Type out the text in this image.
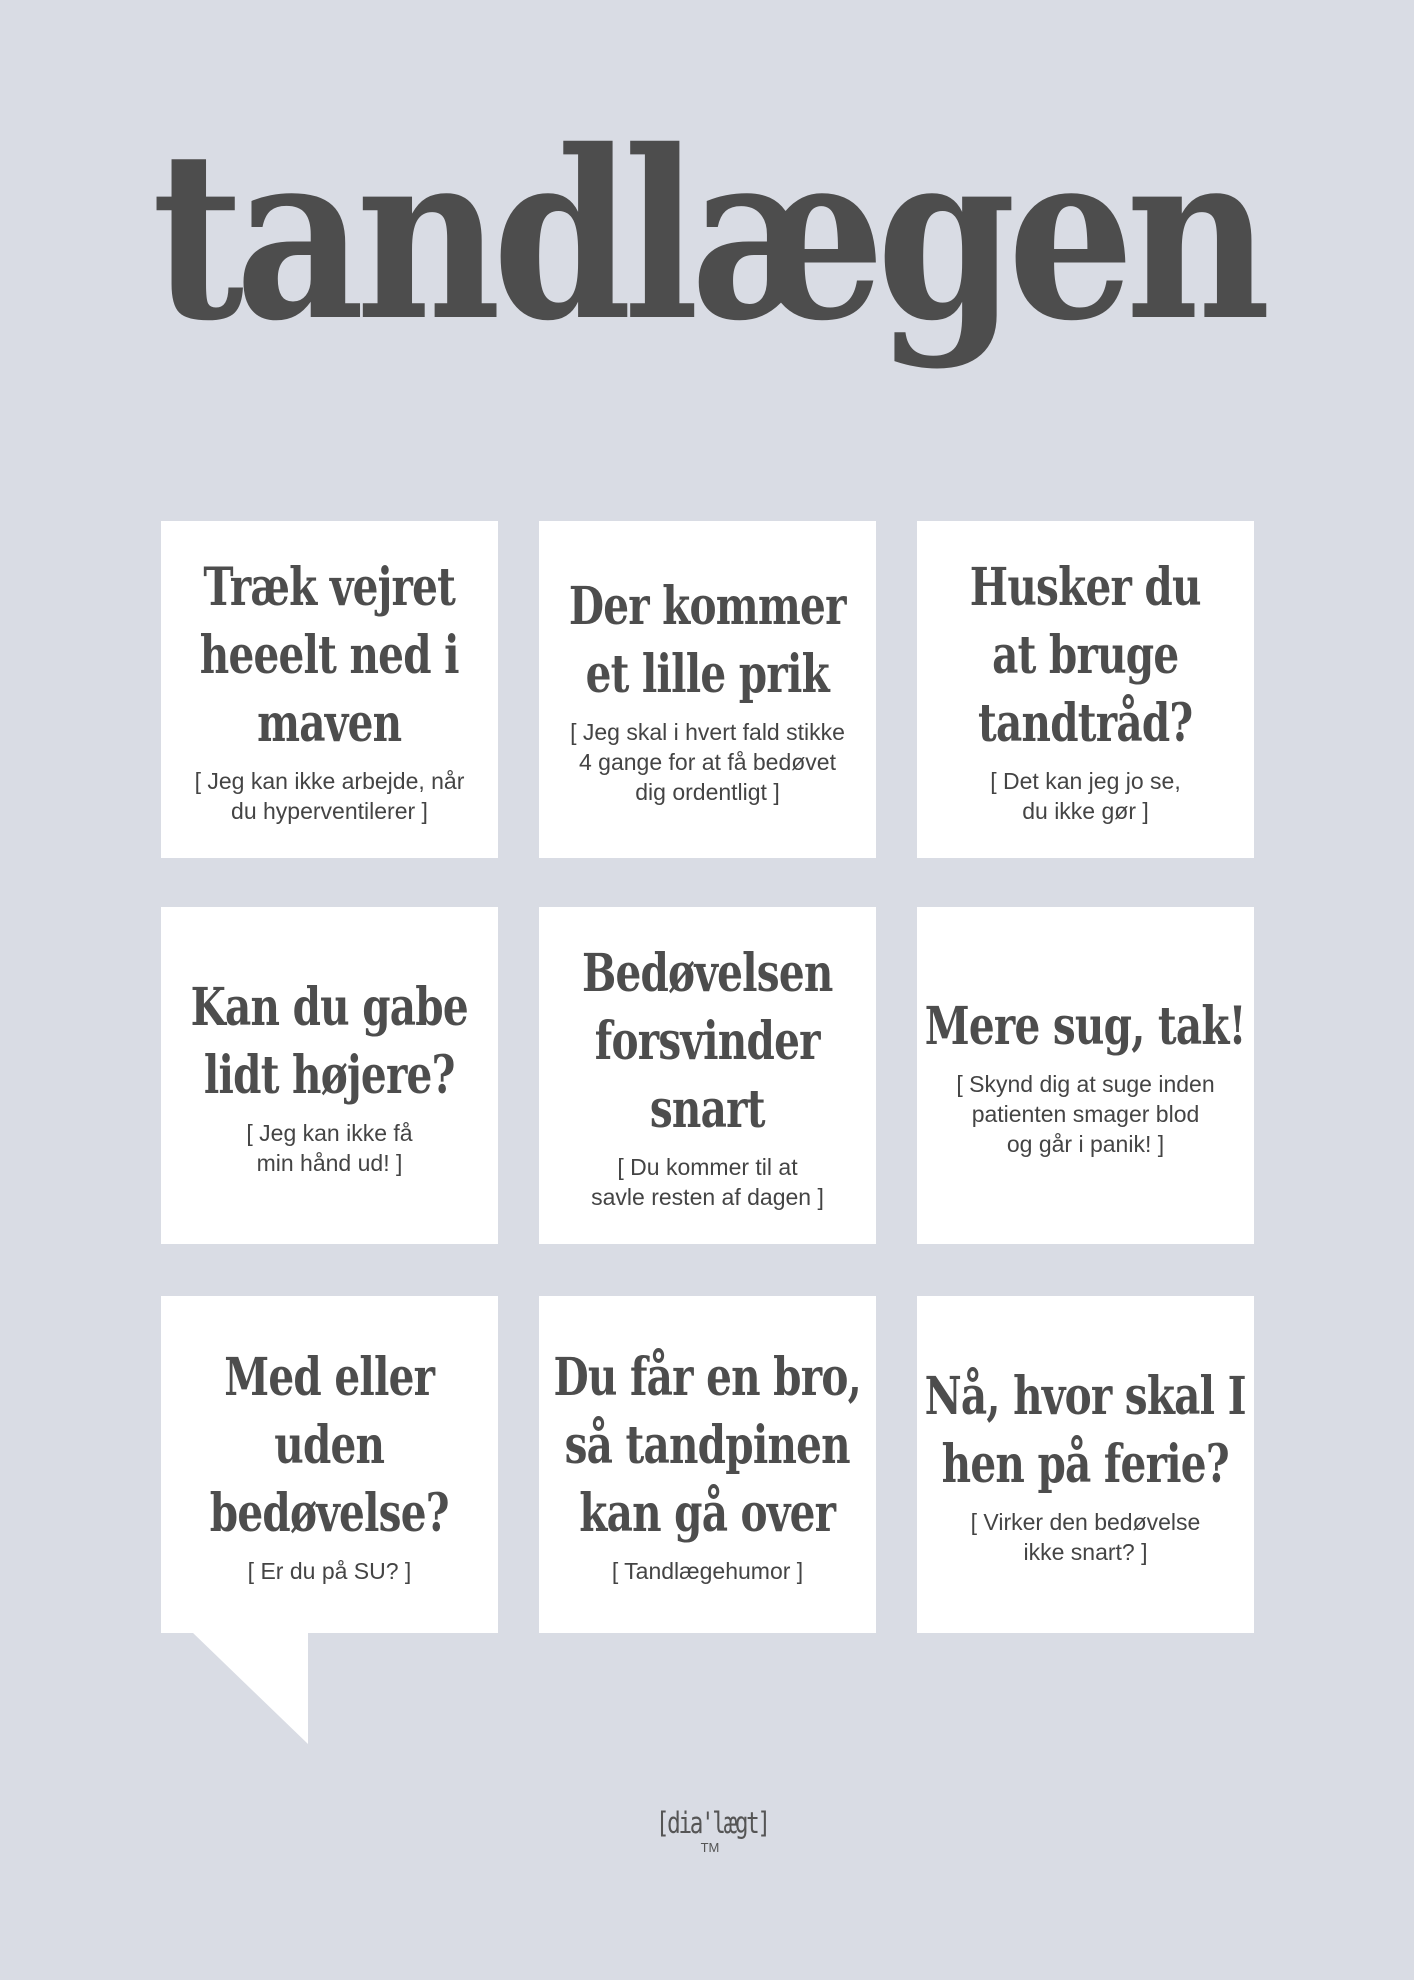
tandlægen
Træk vejret
heeelt ned i
maven
[ Jeg kan ikke arbejde, når
du hyperventilerer ]
Der kommer
et lille prik
[ Jeg skal i hvert fald stikke
4 gange for at få bedøvet
dig ordentligt ]
Husker du
at bruge
tandtråd?
[ Det kan jeg jo se,
du ikke gør ]
Kan du gabe
lidt højere?
[ Jeg kan ikke få
min hånd ud! ]
Bedøvelsen
forsvinder
snart
[ Du kommer til at
savle resten af dagen ]
Mere sug, tak!
[ Skynd dig at suge inden
patienten smager blod
og går i panik! ]
Med eller uden
bedøvelse?
[ Er du på SU? ]
Du får en bro,
så tandpinen
kan gå over
[ Tandlægehumor ]
Nå, hvor skal I
hen på ferie?
[ Virker den bedøvelse
ikke snart? ]
[dia'lægt]™
